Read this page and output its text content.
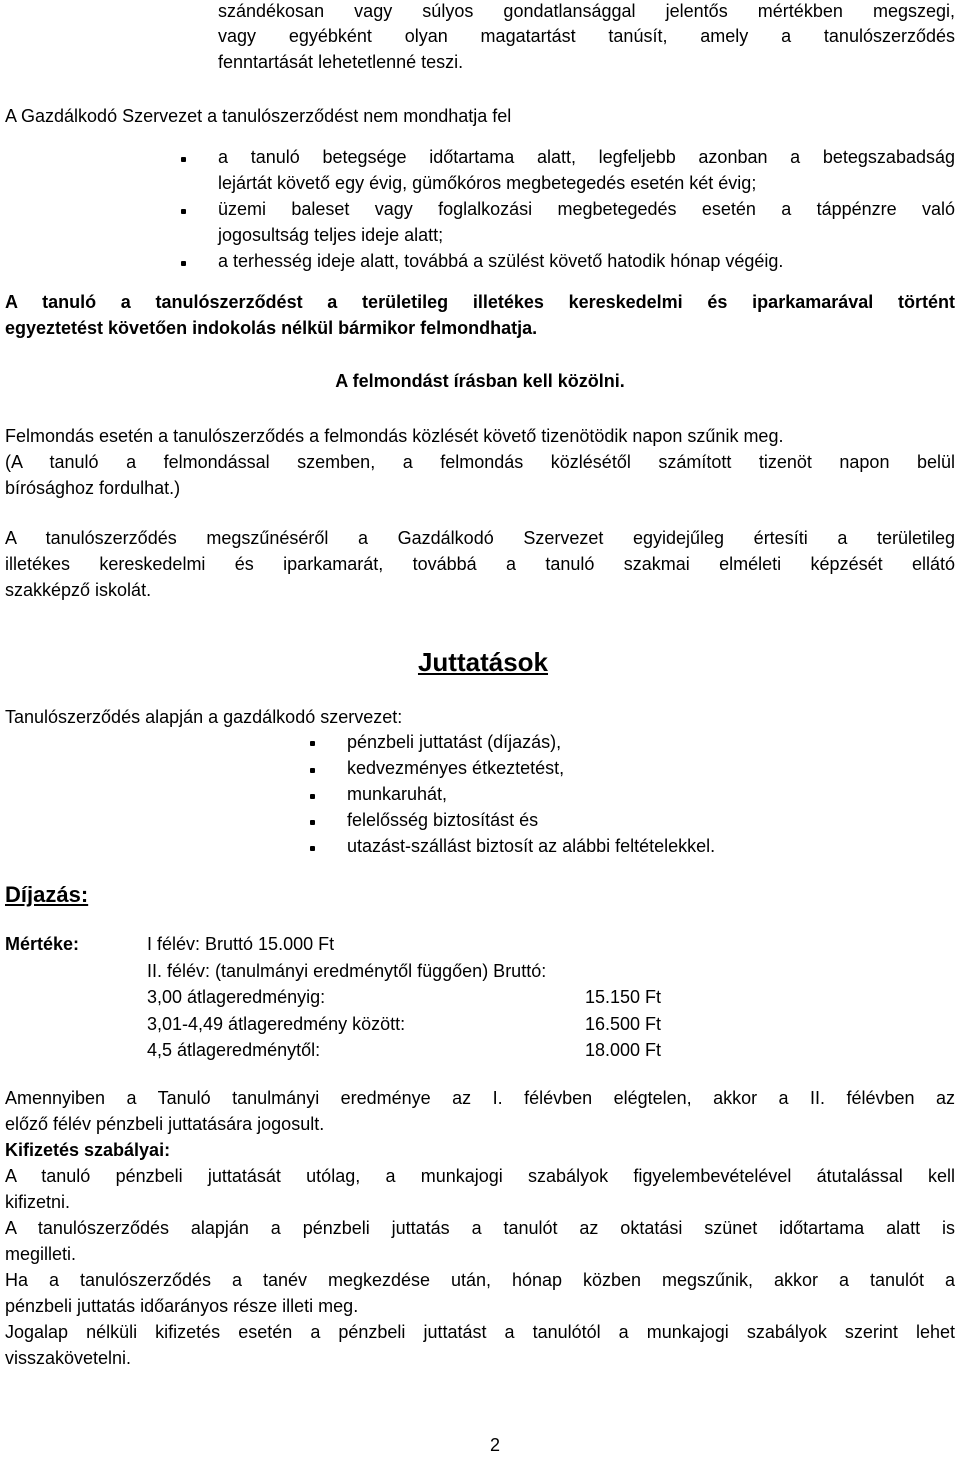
szándékosan vagy súlyos gondatlansággal jelentős mértékben megszegi,
vagy egyébként olyan magatartást tanúsít, amely a tanulószerződés
fenntartását lehetetlenné teszi.
A Gazdálkodó Szervezet a tanulószerződést nem mondhatja fel
a tanuló betegsége időtartama alatt, legfeljebb azonban a betegszabadság
lejártát követő egy évig, gümőkóros megbetegedés esetén két évig;
üzemi baleset vagy foglalkozási megbetegedés esetén a táppénzre való
jogosultság teljes ideje alatt;
a terhesség ideje alatt, továbbá a szülést követő hatodik hónap végéig.
A tanuló a tanulószerződést a területileg illetékes kereskedelmi és iparkamarával történt
egyeztetést követően indokolás nélkül bármikor felmondhatja.
A felmondást írásban kell közölni.
Felmondás esetén a tanulószerződés a felmondás közlését követő tizenötödik napon szűnik meg.
(A tanuló a felmondással szemben, a felmondás közlésétől számított tizenöt napon belül
bírósághoz fordulhat.)
A tanulószerződés megszűnéséről a Gazdálkodó Szervezet egyidejűleg értesíti a területileg
illetékes kereskedelmi és iparkamarát, továbbá a tanuló szakmai elméleti képzését ellátó
szakképző iskolát.
Juttatások
Tanulószerződés alapján a gazdálkodó szervezet:
pénzbeli juttatást (díjazás),
kedvezményes étkeztetést,
munkaruhát,
felelősség biztosítást és
utazást-szállást biztosít az alábbi feltételekkel.
Díjazás:
Mértéke:	I félév: Bruttó 15.000 Ft
II. félév: (tanulmányi eredménytől függően) Bruttó:
3,00 átlageredményig:	15.150 Ft
3,01-4,49 átlageredmény között:	16.500 Ft
4,5 átlageredménytől:	18.000 Ft
Amennyiben a Tanuló tanulmányi eredménye az I. félévben elégtelen, akkor a II. félévben az
előző félév pénzbeli juttatására jogosult.
Kifizetés szabályai:
A tanuló pénzbeli juttatását utólag, a munkajogi szabályok figyelembevételével átutalással kell
kifizetni.
A tanulószerződés alapján a pénzbeli juttatás a tanulót az oktatási szünet időtartama alatt is
megilleti.
Ha a tanulószerződés a tanév megkezdése után, hónap közben megszűnik, akkor a tanulót a
pénzbeli juttatás időarányos része illeti meg.
Jogalap nélküli kifizetés esetén a pénzbeli juttatást a tanulótól a munkajogi szabályok szerint lehet
visszakövetelni.
2
